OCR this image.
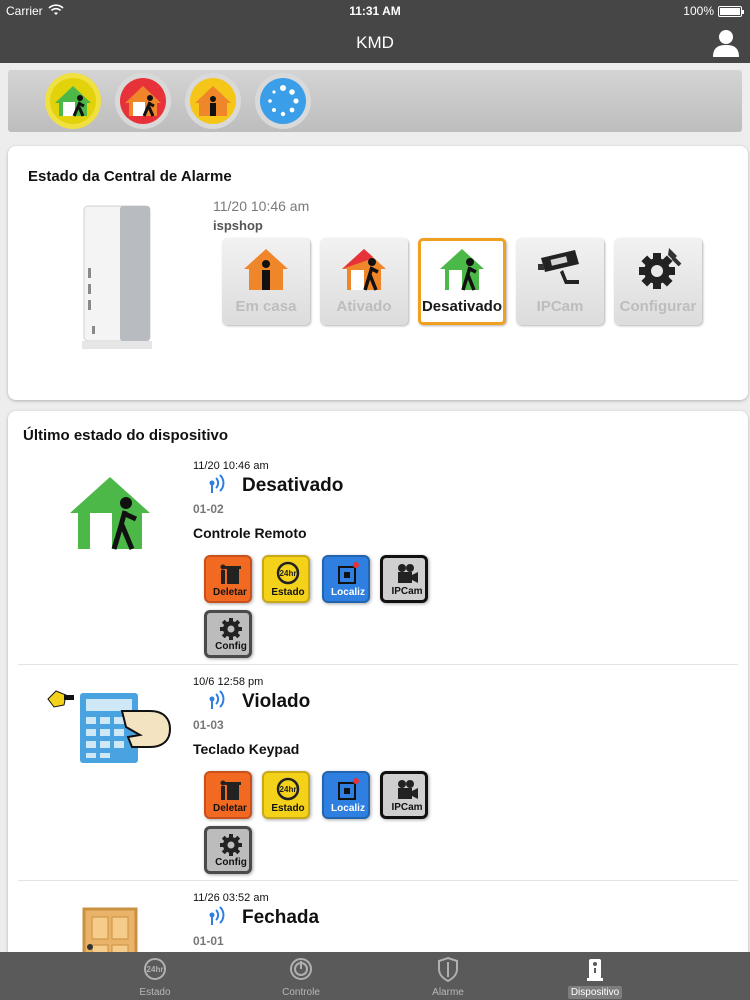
Carrier	11:31 AM	100%
KMD
Estado da Central de Alarme
11/20 10:46 am
ispshop
Em casa	Ativado	Desativado	IPCam	Configurar
Último estado do dispositivo
11/20 10:46 am
Desativado
01-02
Controle Remoto
Deletar
24hr
Estado	Localiz	IPCam
Config
10/6 12:58 pm
Violado
01-03
Teclado Keypad
Deletar
24hr
Estado	Localiz	IPCam
Config
11/26 03:52 am
Fechada
01-01
24hr
Estado	Controle	Alarme	Dispositivo
